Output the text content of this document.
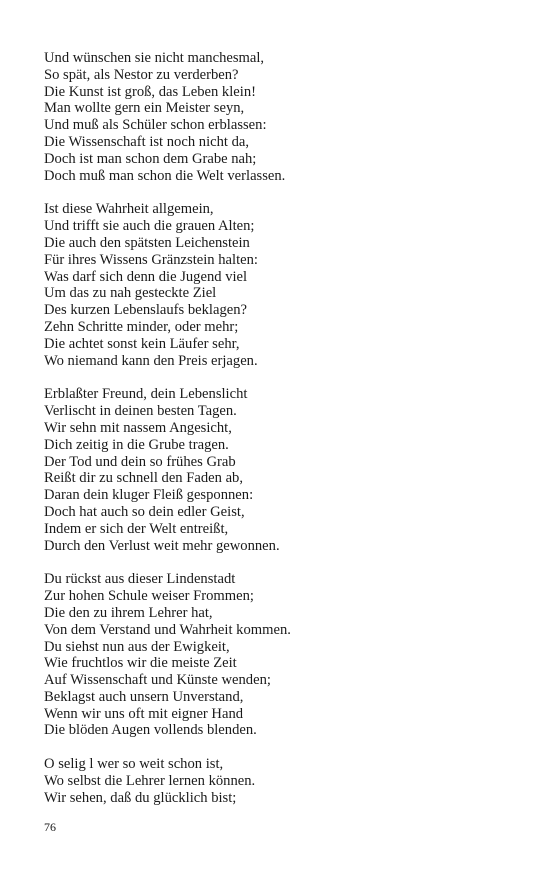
Und wünschen sie nicht manchesmal,
So spät, als Nestor zu verderben?
Die Kunst ist groß, das Leben klein!
Man wollte gern ein Meister seyn,
Und muß als Schüler schon erblassen:
Die Wissenschaft ist noch nicht da,
Doch ist man schon dem Grabe nah;
Doch muß man schon die Welt verlassen.
Ist diese Wahrheit allgemein,
Und trifft sie auch die grauen Alten;
Die auch den spätsten Leichenstein
Für ihres Wissens Gränzstein halten:
Was darf sich denn die Jugend viel
Um das zu nah gesteckte Ziel
Des kurzen Lebenslaufs beklagen?
Zehn Schritte minder, oder mehr;
Die achtet sonst kein Läufer sehr,
Wo niemand kann den Preis erjagen.
Erblaßter Freund, dein Lebenslicht
Verlischt in deinen besten Tagen.
Wir sehn mit nassem Angesicht,
Dich zeitig in die Grube tragen.
Der Tod und dein so frühes Grab
Reißt dir zu schnell den Faden ab,
Daran dein kluger Fleiß gesponnen:
Doch hat auch so dein edler Geist,
Indem er sich der Welt entreißt,
Durch den Verlust weit mehr gewonnen.
Du rückst aus dieser Lindenstadt
Zur hohen Schule weiser Frommen;
Die den zu ihrem Lehrer hat,
Von dem Verstand und Wahrheit kommen.
Du siehst nun aus der Ewigkeit,
Wie fruchtlos wir die meiste Zeit
Auf Wissenschaft und Künste wenden;
Beklagst auch unsern Unverstand,
Wenn wir uns oft mit eigner Hand
Die blöden Augen vollends blenden.
O selig l wer so weit schon ist,
Wo selbst die Lehrer lernen können.
Wir sehen, daß du glücklich bist;
76
